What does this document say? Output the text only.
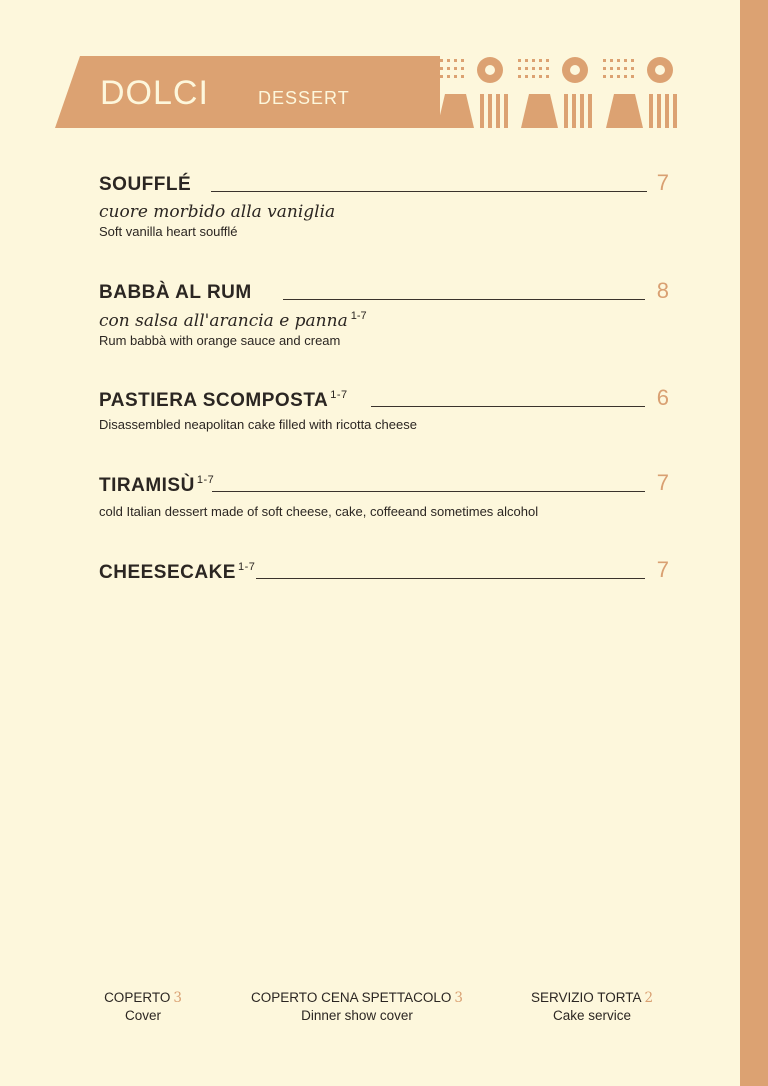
DOLCI	DESSERT
SOUFFLÉ	7
cuore morbido alla vaniglia
Soft vanilla heart soufflé
BABBÀ AL RUM	8
con salsa all'arancia e panna $^{1-7}$
Rum babbà with orange sauce and cream
PASTIERA SCOMPOSTA $^{1-7}$	6
Disassembled neapolitan cake filled with ricotta cheese
TIRAMISÙ $^{1-7}$	7
cold Italian dessert made of soft cheese, cake, coffeeand sometimes alcohol
CHEESECAKE $^{1-7}$	7
COPERTO 3
Cover
COPERTO CENA SPETTACOLO 3
Dinner show cover
SERVIZIO TORTA 2
Cake service
